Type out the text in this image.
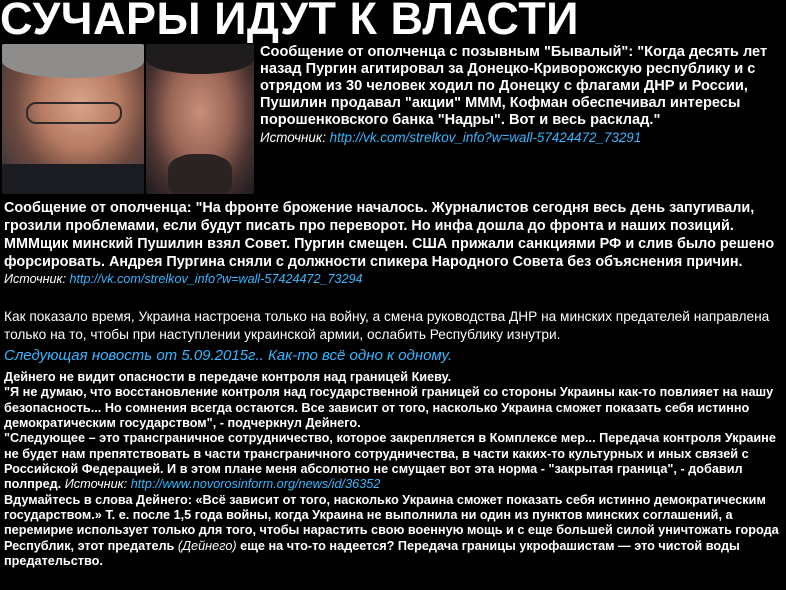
СУЧАРЫ ИДУТ К ВЛАСТИ

Сообщение от ополченца с позывным "Бывалый": "Когда десять лет назад Пургин агитировал за Донецко-Криворожскую республику и с отрядом из 30 человек ходил по Донецку с флагами ДНР и России, Пушилин продавал "акции" МММ, Кофман обеспечивал интересы порошенковского банка "Надры". Вот и весь расклад."

Источник: http://vk.com/strelkov_info?w=wall-57424472_73291

Сообщение от ополченца: "На фронте брожение началось. Журналистов сегодня весь день запугивали, грозили проблемами, если будут писать про переворот. Но инфа дошла до фронта и наших позиций. МММщик минский Пушилин взял Совет. Пургин смещен. США прижали санкциями РФ и слив было решено форсировать. Андрея Пургина сняли с должности спикера Народного Совета без объяснения причин.

Источник: http://vk.com/strelkov_info?w=wall-57424472_73294

Как показало время, Украина настроена только на войну, а смена руководства ДНР на минских предателей направлена только на то, чтобы при наступлении украинской армии, ослабить Республику изнутри.
Следующая новость от 5.09.2015г.. Как-то всё одно к одному.

Дейнего не видит опасности в передаче контроля над границей Киеву.

"Я не думаю, что восстановление контроля над государственной границей со стороны Украины как-то повлияет на нашу безопасность... Но сомнения всегда остаются. Все зависит от того, насколько Украина сможет показать себя истинно демократическим государством", - подчеркнул Дейнего.

"Следующее – это трансграничное сотрудничество, которое закрепляется в Комплексе мер... Передача контроля Украине не будет нам препятствовать в части трансграничного сотрудничества, в части каких-то культурных и иных связей с Российской Федерацией. И в этом плане меня абсолютно не смущает вот эта норма - "закрытая граница", - добавил полпред. Источник: http://www.novorosinform.org/news/id/36352

Вдумайтесь в слова Дейнего: «Всё зависит от того, насколько Украина сможет показать себя истинно демократическим государством.» Т. е. после 1,5 года войны, когда Украина не выполнила ни один из пунктов минских соглашений, а перемирие использует только для того, чтобы нарастить свою военную мощь и с еще большей силой уничтожать города Республик, этот предатель (Дейнего) еще на что-то надеется? Передача границы укрофашистам — это чистой воды предательство.
